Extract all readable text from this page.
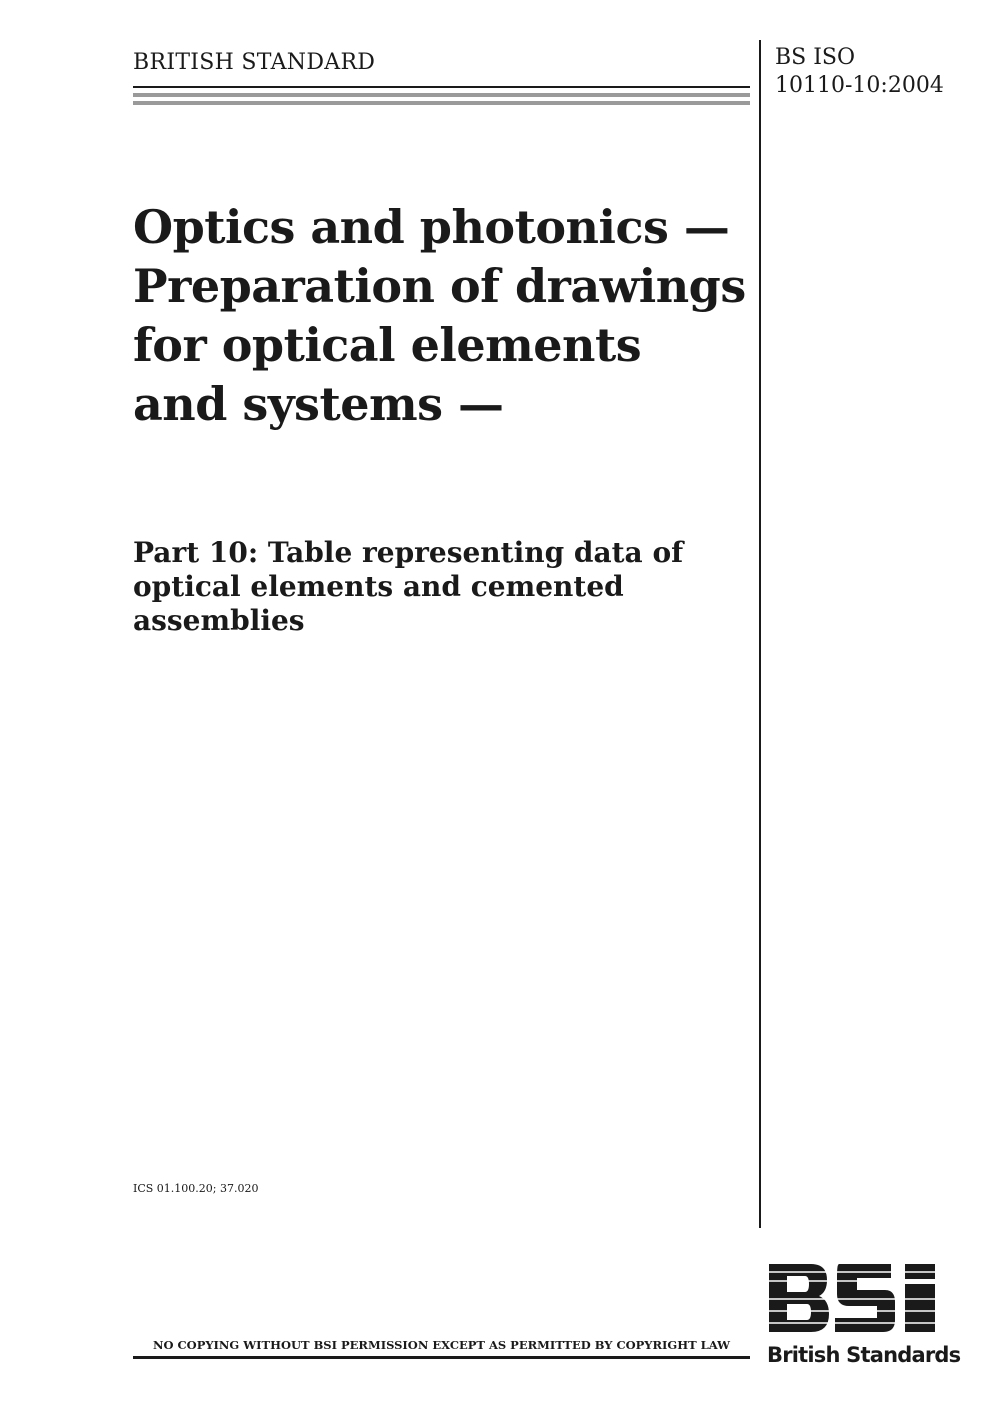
BRITISH STANDARD	BS ISO
10110-10:2004
Optics and photonics — Preparation of drawings for optical elements and systems —
Part 10: Table representing data of optical elements and cemented assemblies
ICS 01.100.20; 37.020
NO COPYING WITHOUT BSI PERMISSION EXCEPT AS PERMITTED BY COPYRIGHT LAW	British Standards
